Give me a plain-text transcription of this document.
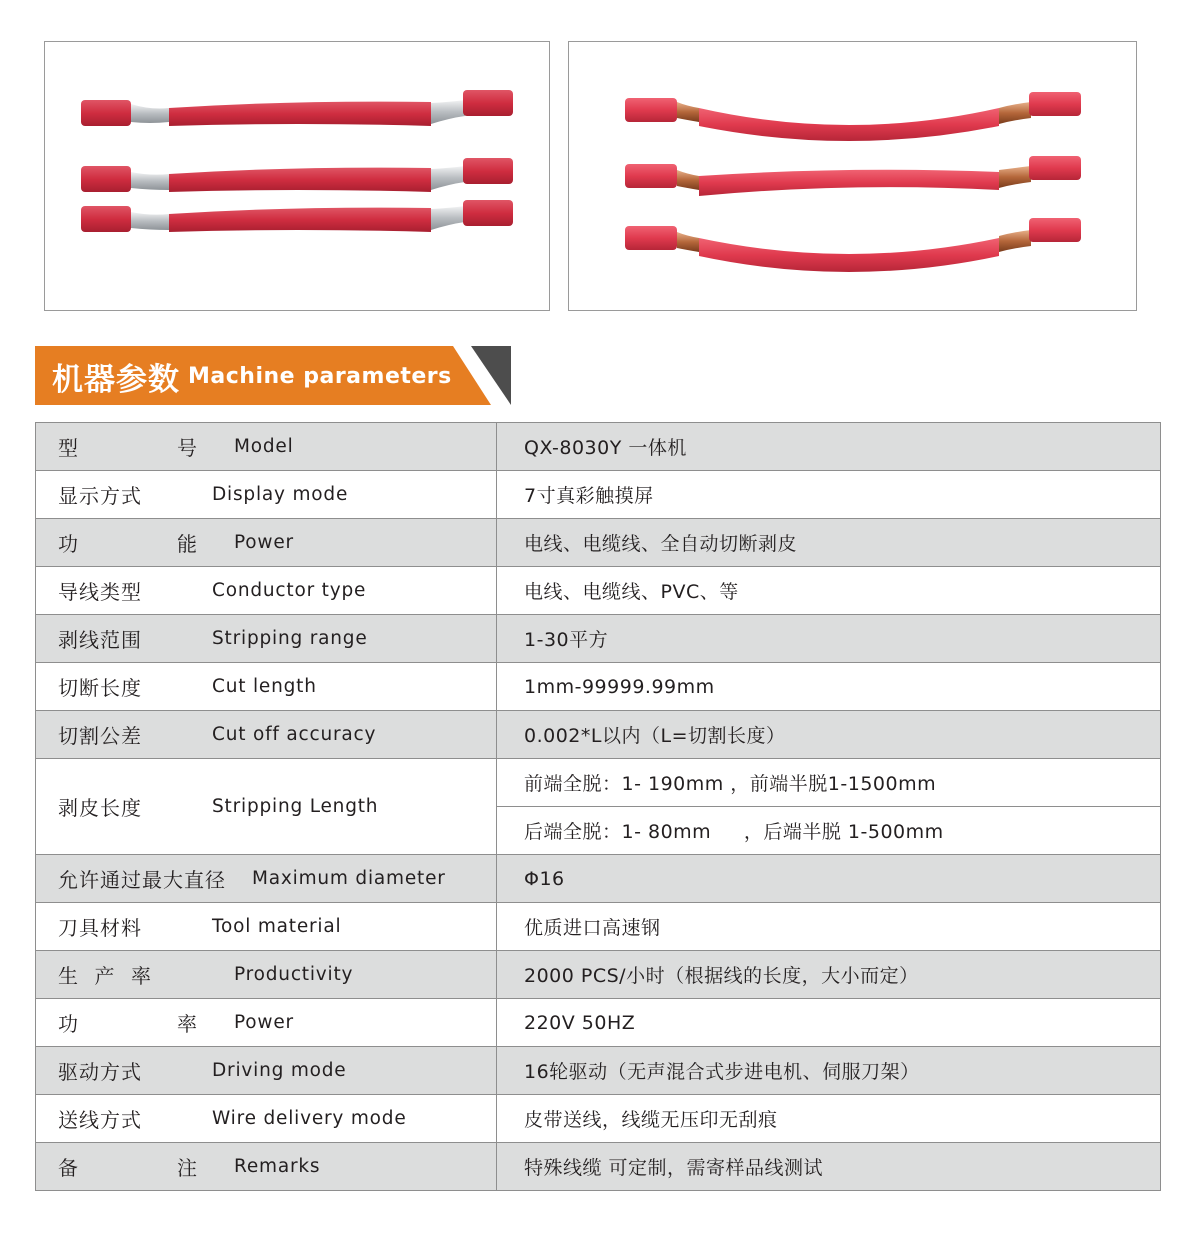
机器参数 Machine parameters
型 号 Model	QX-8030Y 一体机

显示方式 Display mode	7寸真彩触摸屏

功 能 Power	电线、电缆线、全自动切断剥皮

导线类型 Conductor type	电线、电缆线、PVC、等

剥线范围 Stripping range	1-30平方

切断长度 Cut length	1mm-99999.99mm

切割公差 Cut off accuracy	0.002*L以内（L=切割长度）

剥皮长度 Stripping Length	前端全脱：1- 190mm ，前端半脱1-1500mm
	后端全脱：1- 80mm     ，后端半脱 1-500mm

允许通过最大直径 Maximum diameter	Φ16

刀具材料 Tool material	优质进口高速钢

生 产 率 Productivity	2000 PCS/小时（根据线的长度，大小而定）

功 率 Power	220V 50HZ

驱动方式 Driving mode	16轮驱动（无声混合式步进电机、伺服刀架）

送线方式 Wire delivery mode	皮带送线，线缆无压印无刮痕

备 注 Remarks	特殊线缆 可定制，需寄样品线测试
